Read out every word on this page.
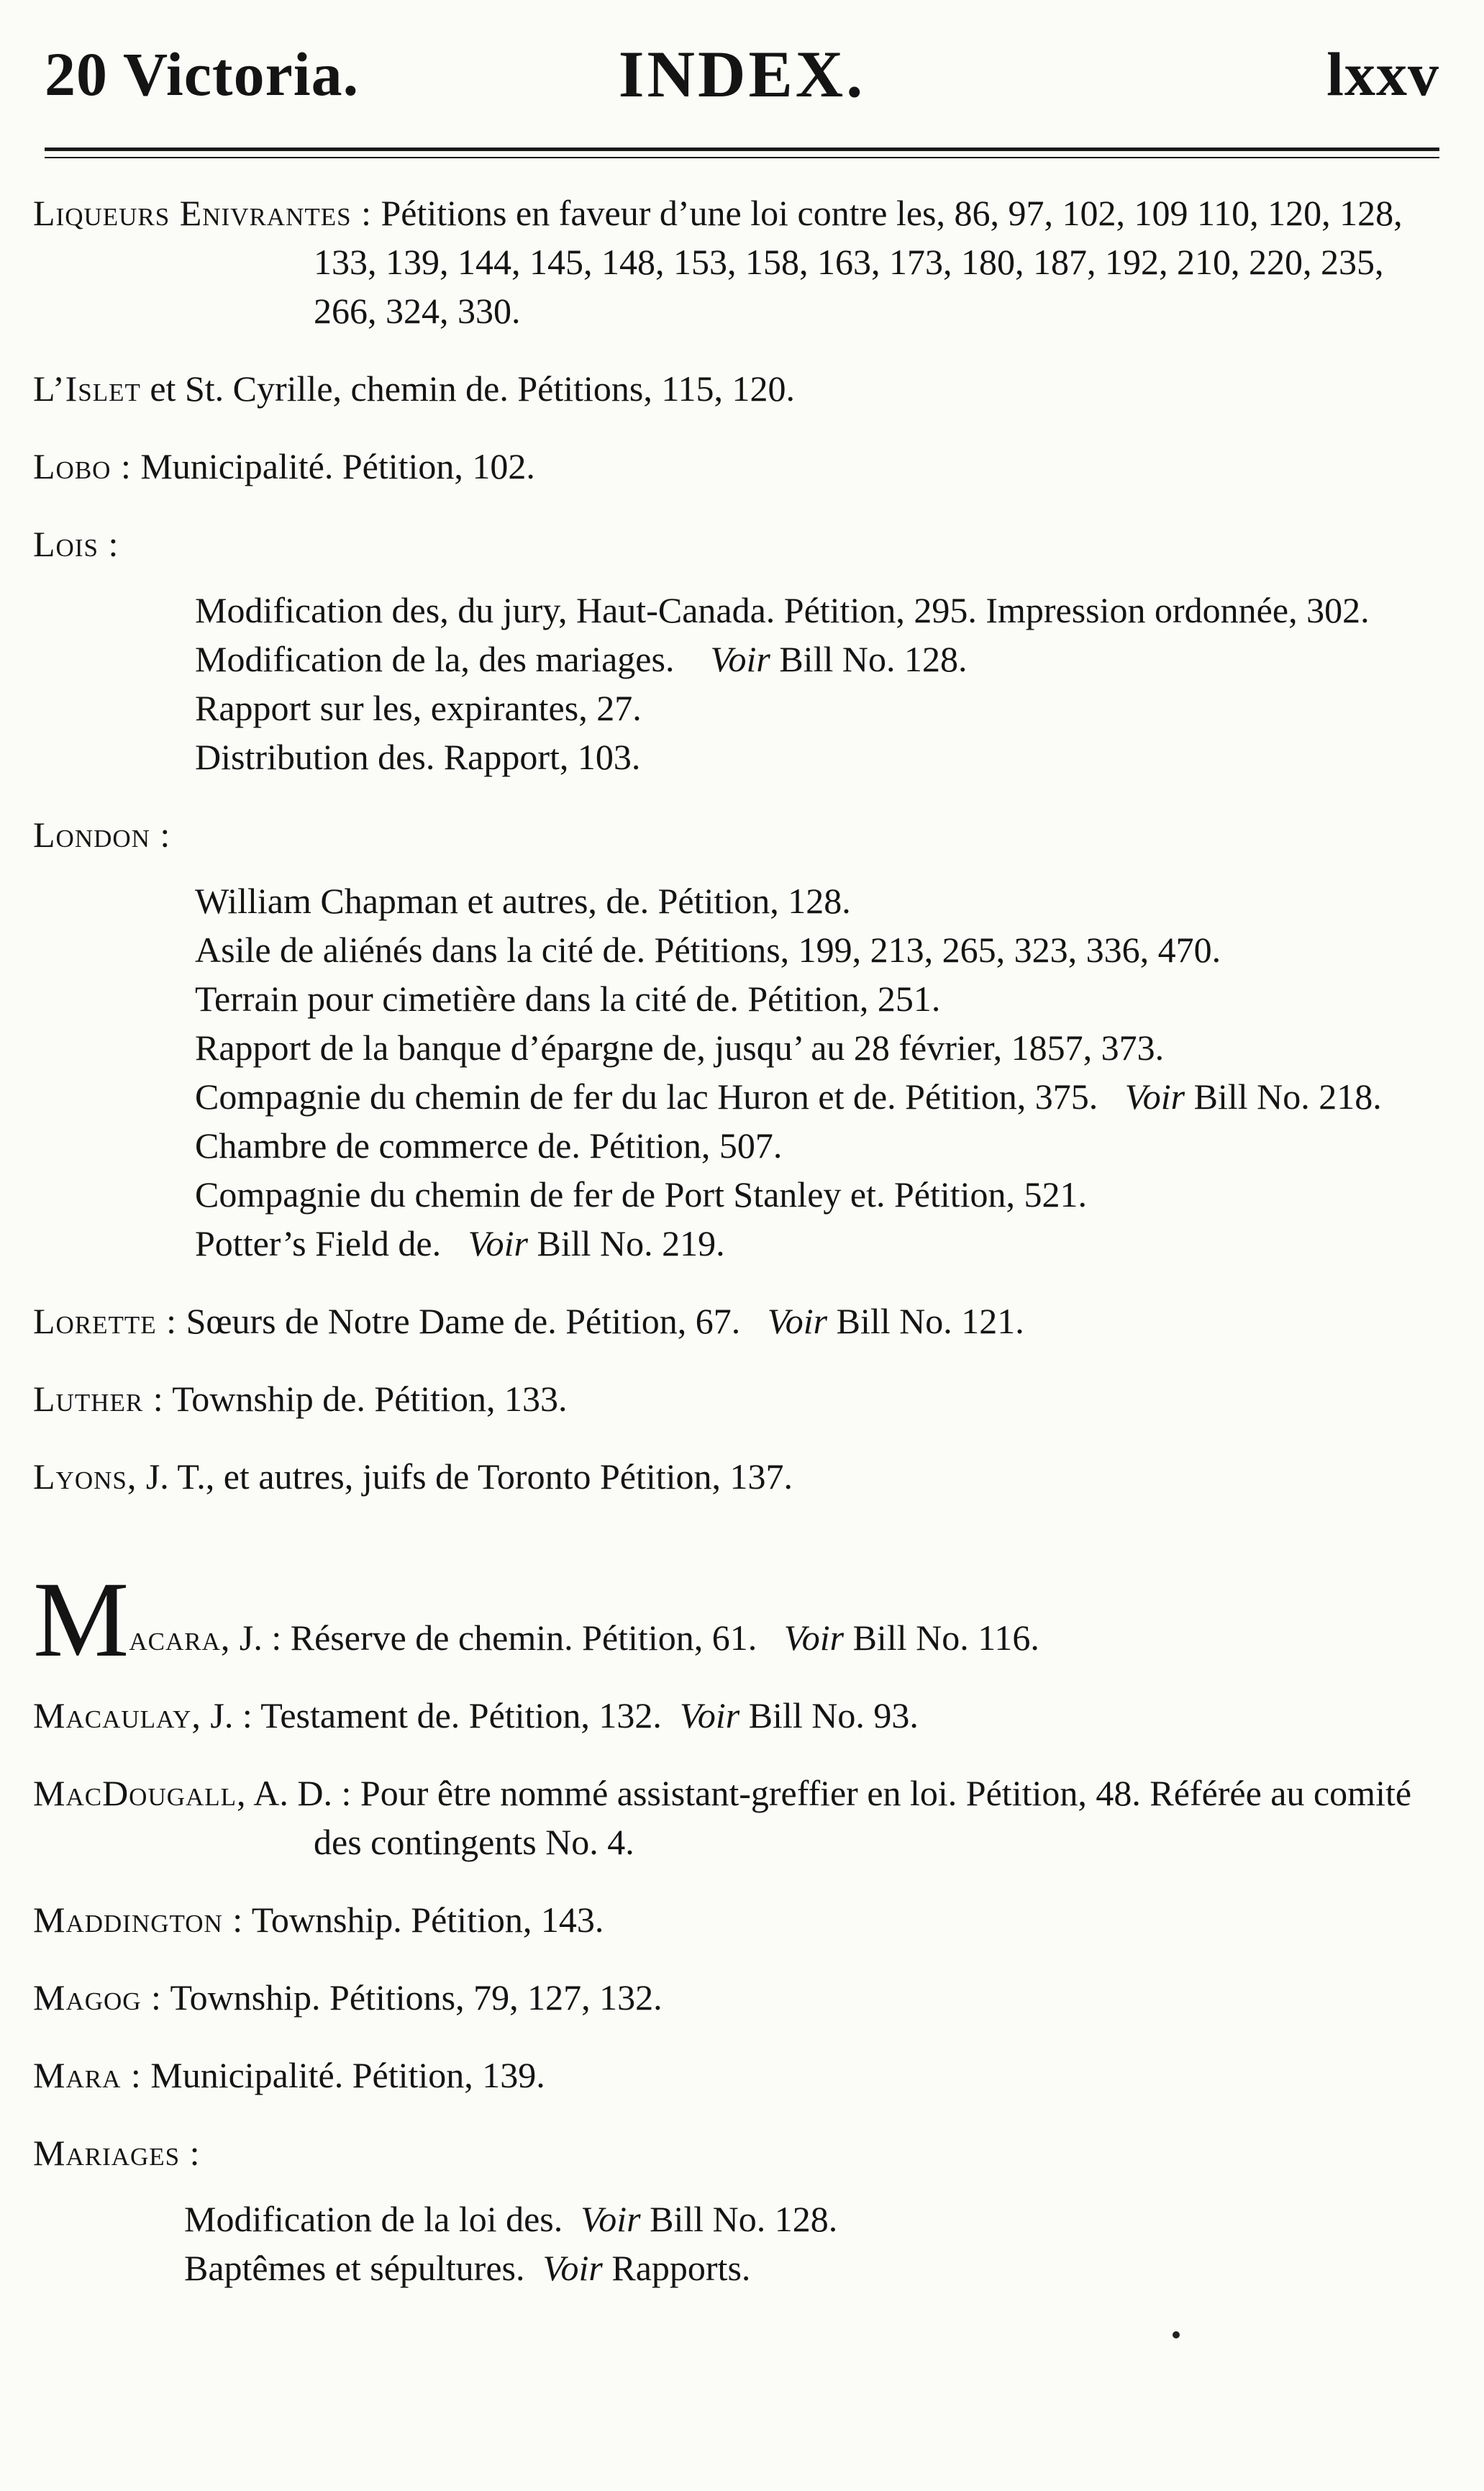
20 Victoria.	INDEX.	lxxv
Liqueurs Enivrantes : Pétitions en faveur d’une loi contre les, 86, 97, 102, 109 110, 120, 128, 133, 139, 144, 145, 148, 153, 158, 163, 173, 180, 187, 192, 210, 220, 235, 266, 324, 330.
L’Islet et St. Cyrille, chemin de. Pétitions, 115, 120.
Lobo : Municipalité. Pétition, 102.
Lois :
Modification des, du jury, Haut-Canada. Pétition, 295. Impression ordonnée, 302.
Modification de la, des mariages. Voir Bill No. 128.
Rapport sur les, expirantes, 27.
Distribution des. Rapport, 103.
London :
William Chapman et autres, de. Pétition, 128.
Asile de aliénés dans la cité de. Pétitions, 199, 213, 265, 323, 336, 470.
Terrain pour cimetière dans la cité de. Pétition, 251.
Rapport de la banque d’épargne de, jusqu’ au 28 février, 1857, 373.
Compagnie du chemin de fer du lac Huron et de. Pétition, 375. Voir Bill No. 218.
Chambre de commerce de. Pétition, 507.
Compagnie du chemin de fer de Port Stanley et. Pétition, 521.
Potter’s Field de. Voir Bill No. 219.
Lorette : Sœurs de Notre Dame de. Pétition, 67. Voir Bill No. 121.
Luther : Township de. Pétition, 133.
Lyons, J. T., et autres, juifs de Toronto Pétition, 137.
Macara, J. : Réserve de chemin. Pétition, 61. Voir Bill No. 116.
Macaulay, J. : Testament de. Pétition, 132. Voir Bill No. 93.
MacDougall, A. D. : Pour être nommé assistant-greffier en loi. Pétition, 48. Référée au comité des contingents No. 4.
Maddington : Township. Pétition, 143.
Magog : Township. Pétitions, 79, 127, 132.
Mara : Municipalité. Pétition, 139.
Mariages :
Modification de la loi des. Voir Bill No. 128.
Baptêmes et sépultures. Voir Rapports.
